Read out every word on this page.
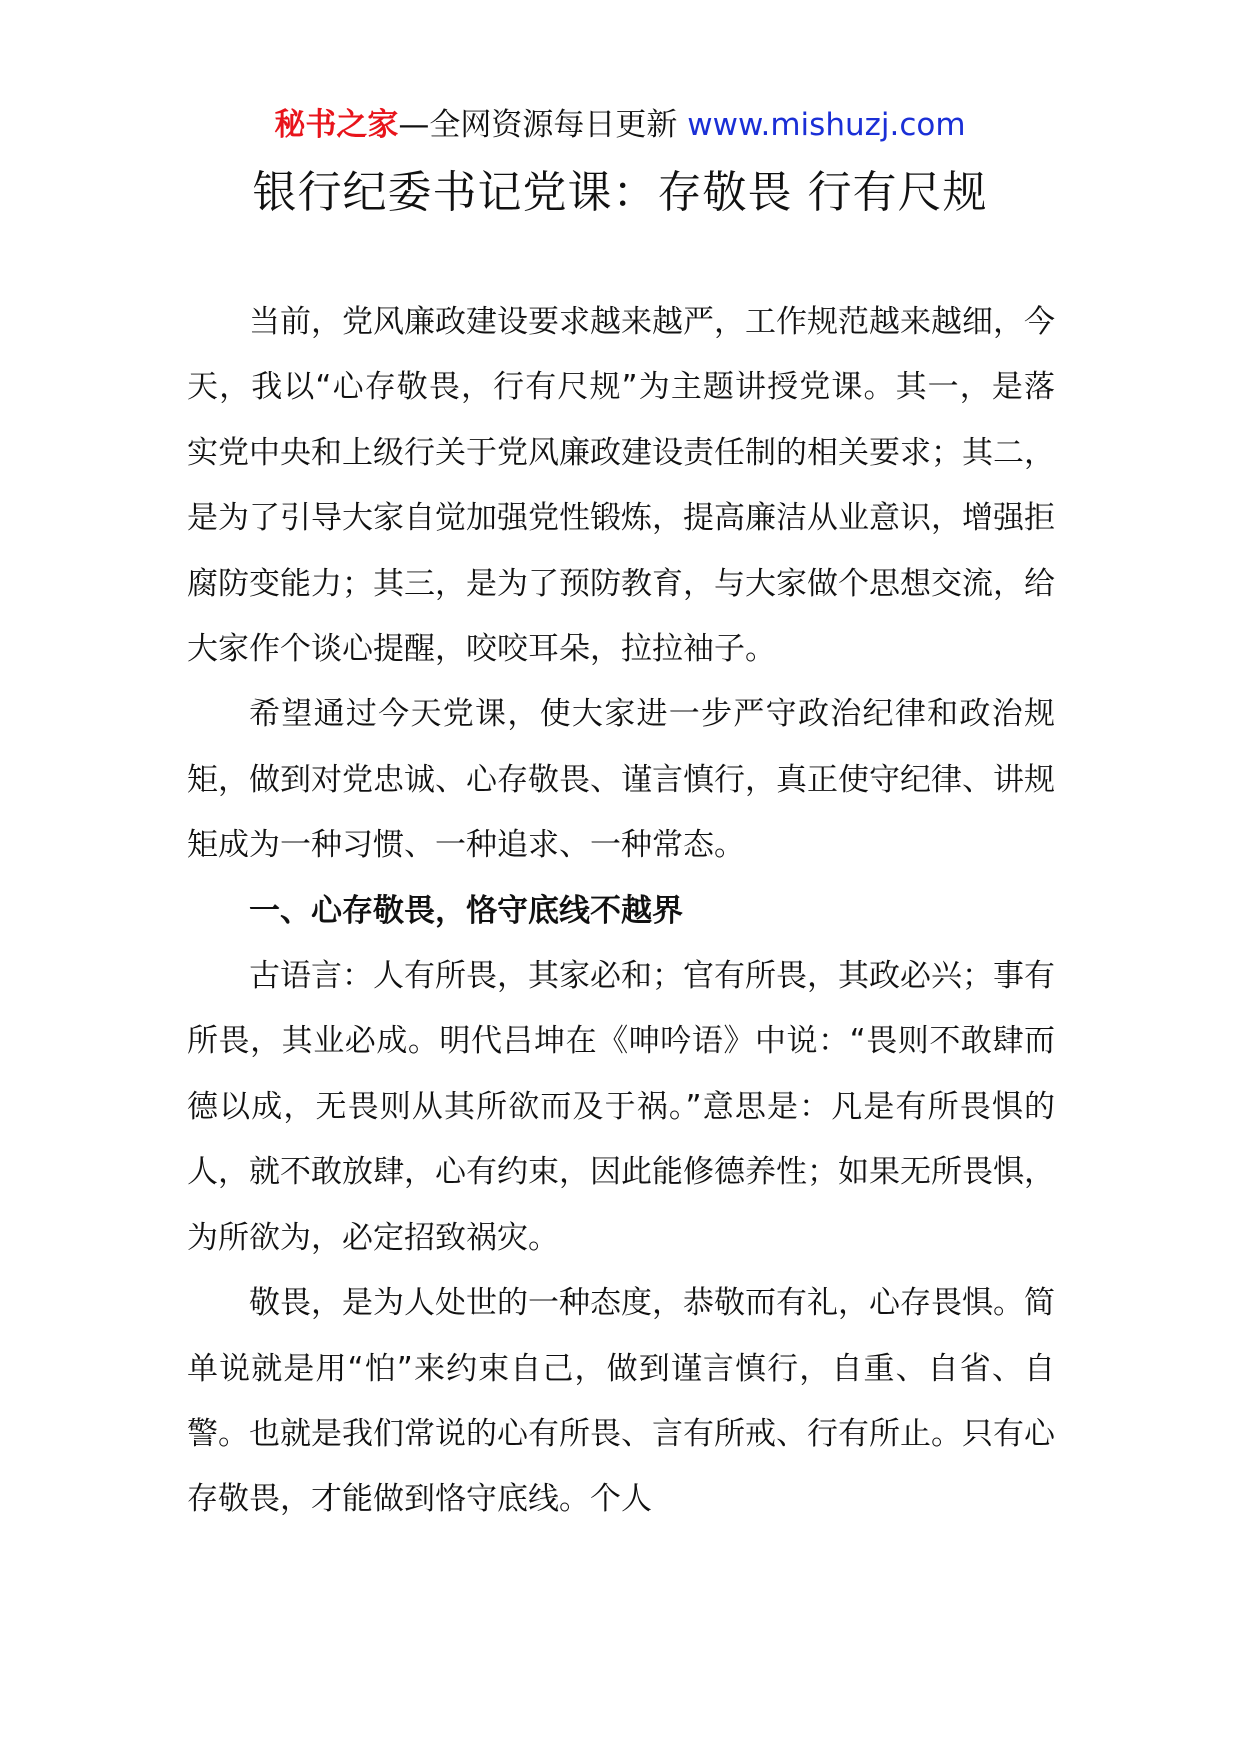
秘书之家—全网资源每日更新 www.mishuzj.com
银行纪委书记党课：存敬畏 行有尺规

当前，党风廉政建设要求越来越严，工作规范越来越细，今天，我以“心存敬畏，行有尺规”为主题讲授党课。其一，是落实党中央和上级行关于党风廉政建设责任制的相关要求；其二，是为了引导大家自觉加强党性锻炼，提高廉洁从业意识，增强拒腐防变能力；其三，是为了预防教育，与大家做个思想交流，给大家作个谈心提醒，咬咬耳朵，拉拉袖子。

希望通过今天党课，使大家进一步严守政治纪律和政治规矩，做到对党忠诚、心存敬畏、谨言慎行，真正使守纪律、讲规矩成为一种习惯、一种追求、一种常态。

一、心存敬畏，恪守底线不越界

古语言：人有所畏，其家必和；官有所畏，其政必兴；事有所畏，其业必成。明代吕坤在《呻吟语》中说：“畏则不敢肆而德以成，无畏则从其所欲而及于祸。”意思是：凡是有所畏惧的人，就不敢放肆，心有约束，因此能修德养性；如果无所畏惧，为所欲为，必定招致祸灾。

敬畏，是为人处世的一种态度，恭敬而有礼，心存畏惧。简单说就是用“怕”来约束自己，做到谨言慎行，自重、自省、自警。也就是我们常说的心有所畏、言有所戒、行有所止。只有心存敬畏，才能做到恪守底线。个人
